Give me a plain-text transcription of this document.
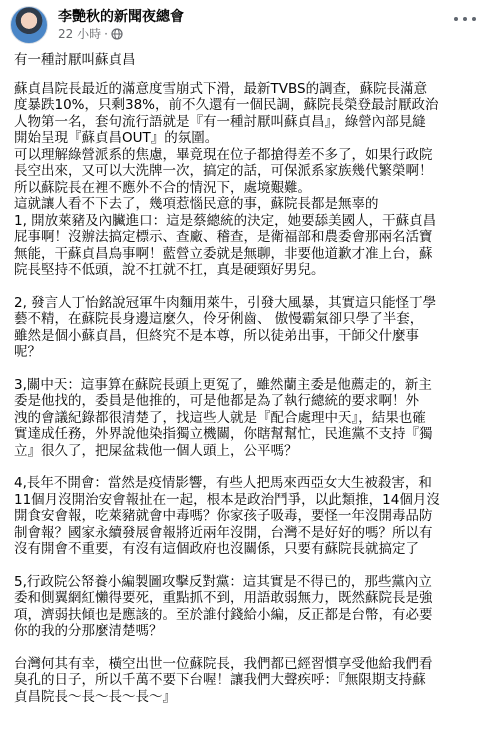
李艷秋的新聞夜總會
22 小時 ·

有一種討厭叫蘇貞昌

蘇貞昌院長最近的滿意度雪崩式下滑，最新TVBS的調查，蘇院長滿意
度暴跌10%，只剩38%，前不久還有一個民調，蘇院長榮登最討厭政治
人物第一名，套句流行語就是『有一種討厭叫蘇貞昌』，綠營內部見縫
開始呈現『蘇貞昌OUT』的氛圍。
可以理解綠營派系的焦慮，畢竟現在位子都搶得差不多了，如果行政院
長空出來，又可以大洗牌一次，搞定的話，可保派系家族幾代繁榮啊！
所以蘇院長在裡不應外不合的情況下，處境艱難。
這就讓人看不下去了，幾項惹惱民意的事，蘇院長都是無辜的
1, 開放萊豬及內臟進口：這是蔡總統的決定，她要舔美國人，干蘇貞昌
屁事啊！沒辦法搞定標示、查廠、稽查，是衛福部和農委會那兩名活寶
無能，干蘇貞昌鳥事啊！藍營立委就是無聊，非要他道歉才准上台，蘇
院長堅持不低頭，說不扛就不扛，真是硬頸好男兒。

2, 發言人丁怡銘說冠軍牛肉麵用萊牛，引發大風暴，其實這只能怪丁學
藝不精，在蘇院長身邊這麼久，伶牙俐齒、 傲慢霸氣卻只學了半套，
雖然是個小蘇貞昌，但終究不是本尊，所以徒弟出事，干師父什麼事
呢？

3,關中天：這事算在蘇院長頭上更冤了，雖然蘭主委是他薦走的，新主
委是他找的，委員是他推的，可是他都是為了執行總統的要求啊！外
洩的會議紀錄都很清楚了，找這些人就是『配合處理中天』，結果也確
實達成任務，外界說他染指獨立機關，你瞎幫幫忙，民進黨不支持『獨
立』很久了，把屎盆栽他一個人頭上，公平嗎？

4,長年不開會：當然是疫情影響，有些人把馬來西亞女大生被殺害，和
11個月沒開治安會報扯在一起，根本是政治鬥爭，以此類推，14個月沒
開食安會報，吃萊豬就會中毒嗎？你家孩子吸毒，要怪一年沒開毒品防
制會報？國家永續發展會報將近兩年沒開，台灣不是好好的嗎？所以有
沒有開會不重要，有沒有這個政府也沒關係，只要有蘇院長就搞定了

5,行政院公帑養小編製圖攻擊反對黨：這其實是不得已的，那些黨內立
委和側翼網紅懶得要死，重點抓不到，用語敢弱無力，既然蘇院長是強
項，濟弱扶傾也是應該的。至於誰付錢給小編，反正都是台幣，有必要
你的我的分那麼清楚嗎？

台灣何其有幸，橫空出世一位蘇院長，我們都已經習慣享受他給我們看
臭孔的日子，所以千萬不要下台喔！讓我們大聲疾呼：『無限期支持蘇
貞昌院長～長～長～長～』
